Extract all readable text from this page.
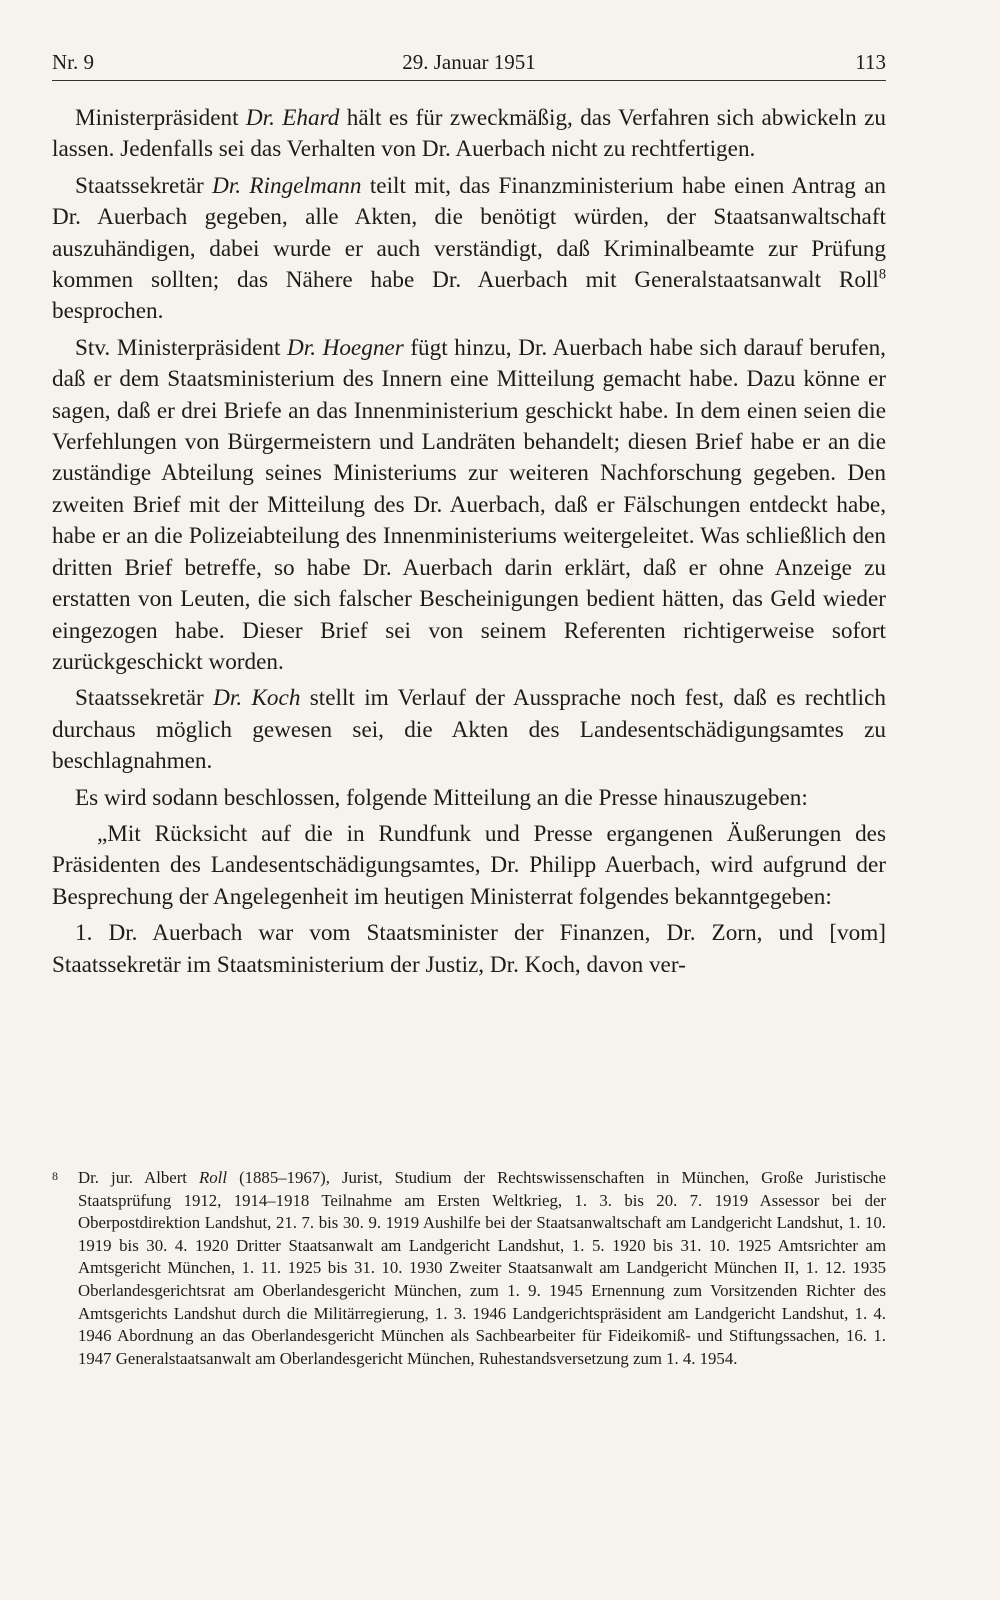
Nr. 9	29. Januar 1951	113

Ministerpräsident Dr. Ehard hält es für zweckmäßig, das Verfahren sich abwickeln zu lassen. Jedenfalls sei das Verhalten von Dr. Auerbach nicht zu rechtfertigen.

Staatssekretär Dr. Ringelmann teilt mit, das Finanzministerium habe einen Antrag an Dr. Auerbach gegeben, alle Akten, die benötigt würden, der Staatsanwaltschaft auszuhändigen, dabei wurde er auch verständigt, daß Kriminalbeamte zur Prüfung kommen sollten; das Nähere habe Dr. Auerbach mit Generalstaatsanwalt Roll$^8$ besprochen.

Stv. Ministerpräsident Dr. Hoegner fügt hinzu, Dr. Auerbach habe sich darauf berufen, daß er dem Staatsministerium des Innern eine Mitteilung gemacht habe. Dazu könne er sagen, daß er drei Briefe an das Innenministerium geschickt habe. In dem einen seien die Verfehlungen von Bürgermeistern und Landräten behandelt; diesen Brief habe er an die zuständige Abteilung seines Ministeriums zur weiteren Nachforschung gegeben. Den zweiten Brief mit der Mitteilung des Dr. Auerbach, daß er Fälschungen entdeckt habe, habe er an die Polizeiabteilung des Innenministeriums weitergeleitet. Was schließlich den dritten Brief betreffe, so habe Dr. Auerbach darin erklärt, daß er ohne Anzeige zu erstatten von Leuten, die sich falscher Bescheinigungen bedient hätten, das Geld wieder eingezogen habe. Dieser Brief sei von seinem Referenten richtigerweise sofort zurückgeschickt worden.

Staatssekretär Dr. Koch stellt im Verlauf der Aussprache noch fest, daß es rechtlich durchaus möglich gewesen sei, die Akten des Landesentschädigungsamtes zu beschlagnahmen.

Es wird sodann beschlossen, folgende Mitteilung an die Presse hinauszugeben:

„Mit Rücksicht auf die in Rundfunk und Presse ergangenen Äußerungen des Präsidenten des Landesentschädigungsamtes, Dr. Philipp Auerbach, wird aufgrund der Besprechung der Angelegenheit im heutigen Ministerrat folgendes bekanntgegeben:

1. Dr. Auerbach war vom Staatsminister der Finanzen, Dr. Zorn, und [vom] Staatssekretär im Staatsministerium der Justiz, Dr. Koch, davon ver-

8	Dr. jur. Albert Roll (1885–1967), Jurist, Studium der Rechtswissenschaften in München, Große Juristische Staatsprüfung 1912, 1914–1918 Teilnahme am Ersten Weltkrieg, 1. 3. bis 20. 7. 1919 Assessor bei der Oberpostdirektion Landshut, 21. 7. bis 30. 9. 1919 Aushilfe bei der Staatsanwaltschaft am Landgericht Landshut, 1. 10. 1919 bis 30. 4. 1920 Dritter Staatsanwalt am Landgericht Landshut, 1. 5. 1920 bis 31. 10. 1925 Amtsrichter am Amtsgericht München, 1. 11. 1925 bis 31. 10. 1930 Zweiter Staatsanwalt am Landgericht München II, 1. 12. 1935 Oberlandesgerichtsrat am Oberlandesgericht München, zum 1. 9. 1945 Ernennung zum Vorsitzenden Richter des Amtsgerichts Landshut durch die Militärregierung, 1. 3. 1946 Landgerichtspräsident am Landgericht Landshut, 1. 4. 1946 Abordnung an das Oberlandesgericht München als Sachbearbeiter für Fideikomiß- und Stiftungssachen, 16. 1. 1947 Generalstaatsanwalt am Oberlandesgericht München, Ruhestandsversetzung zum 1. 4. 1954.
